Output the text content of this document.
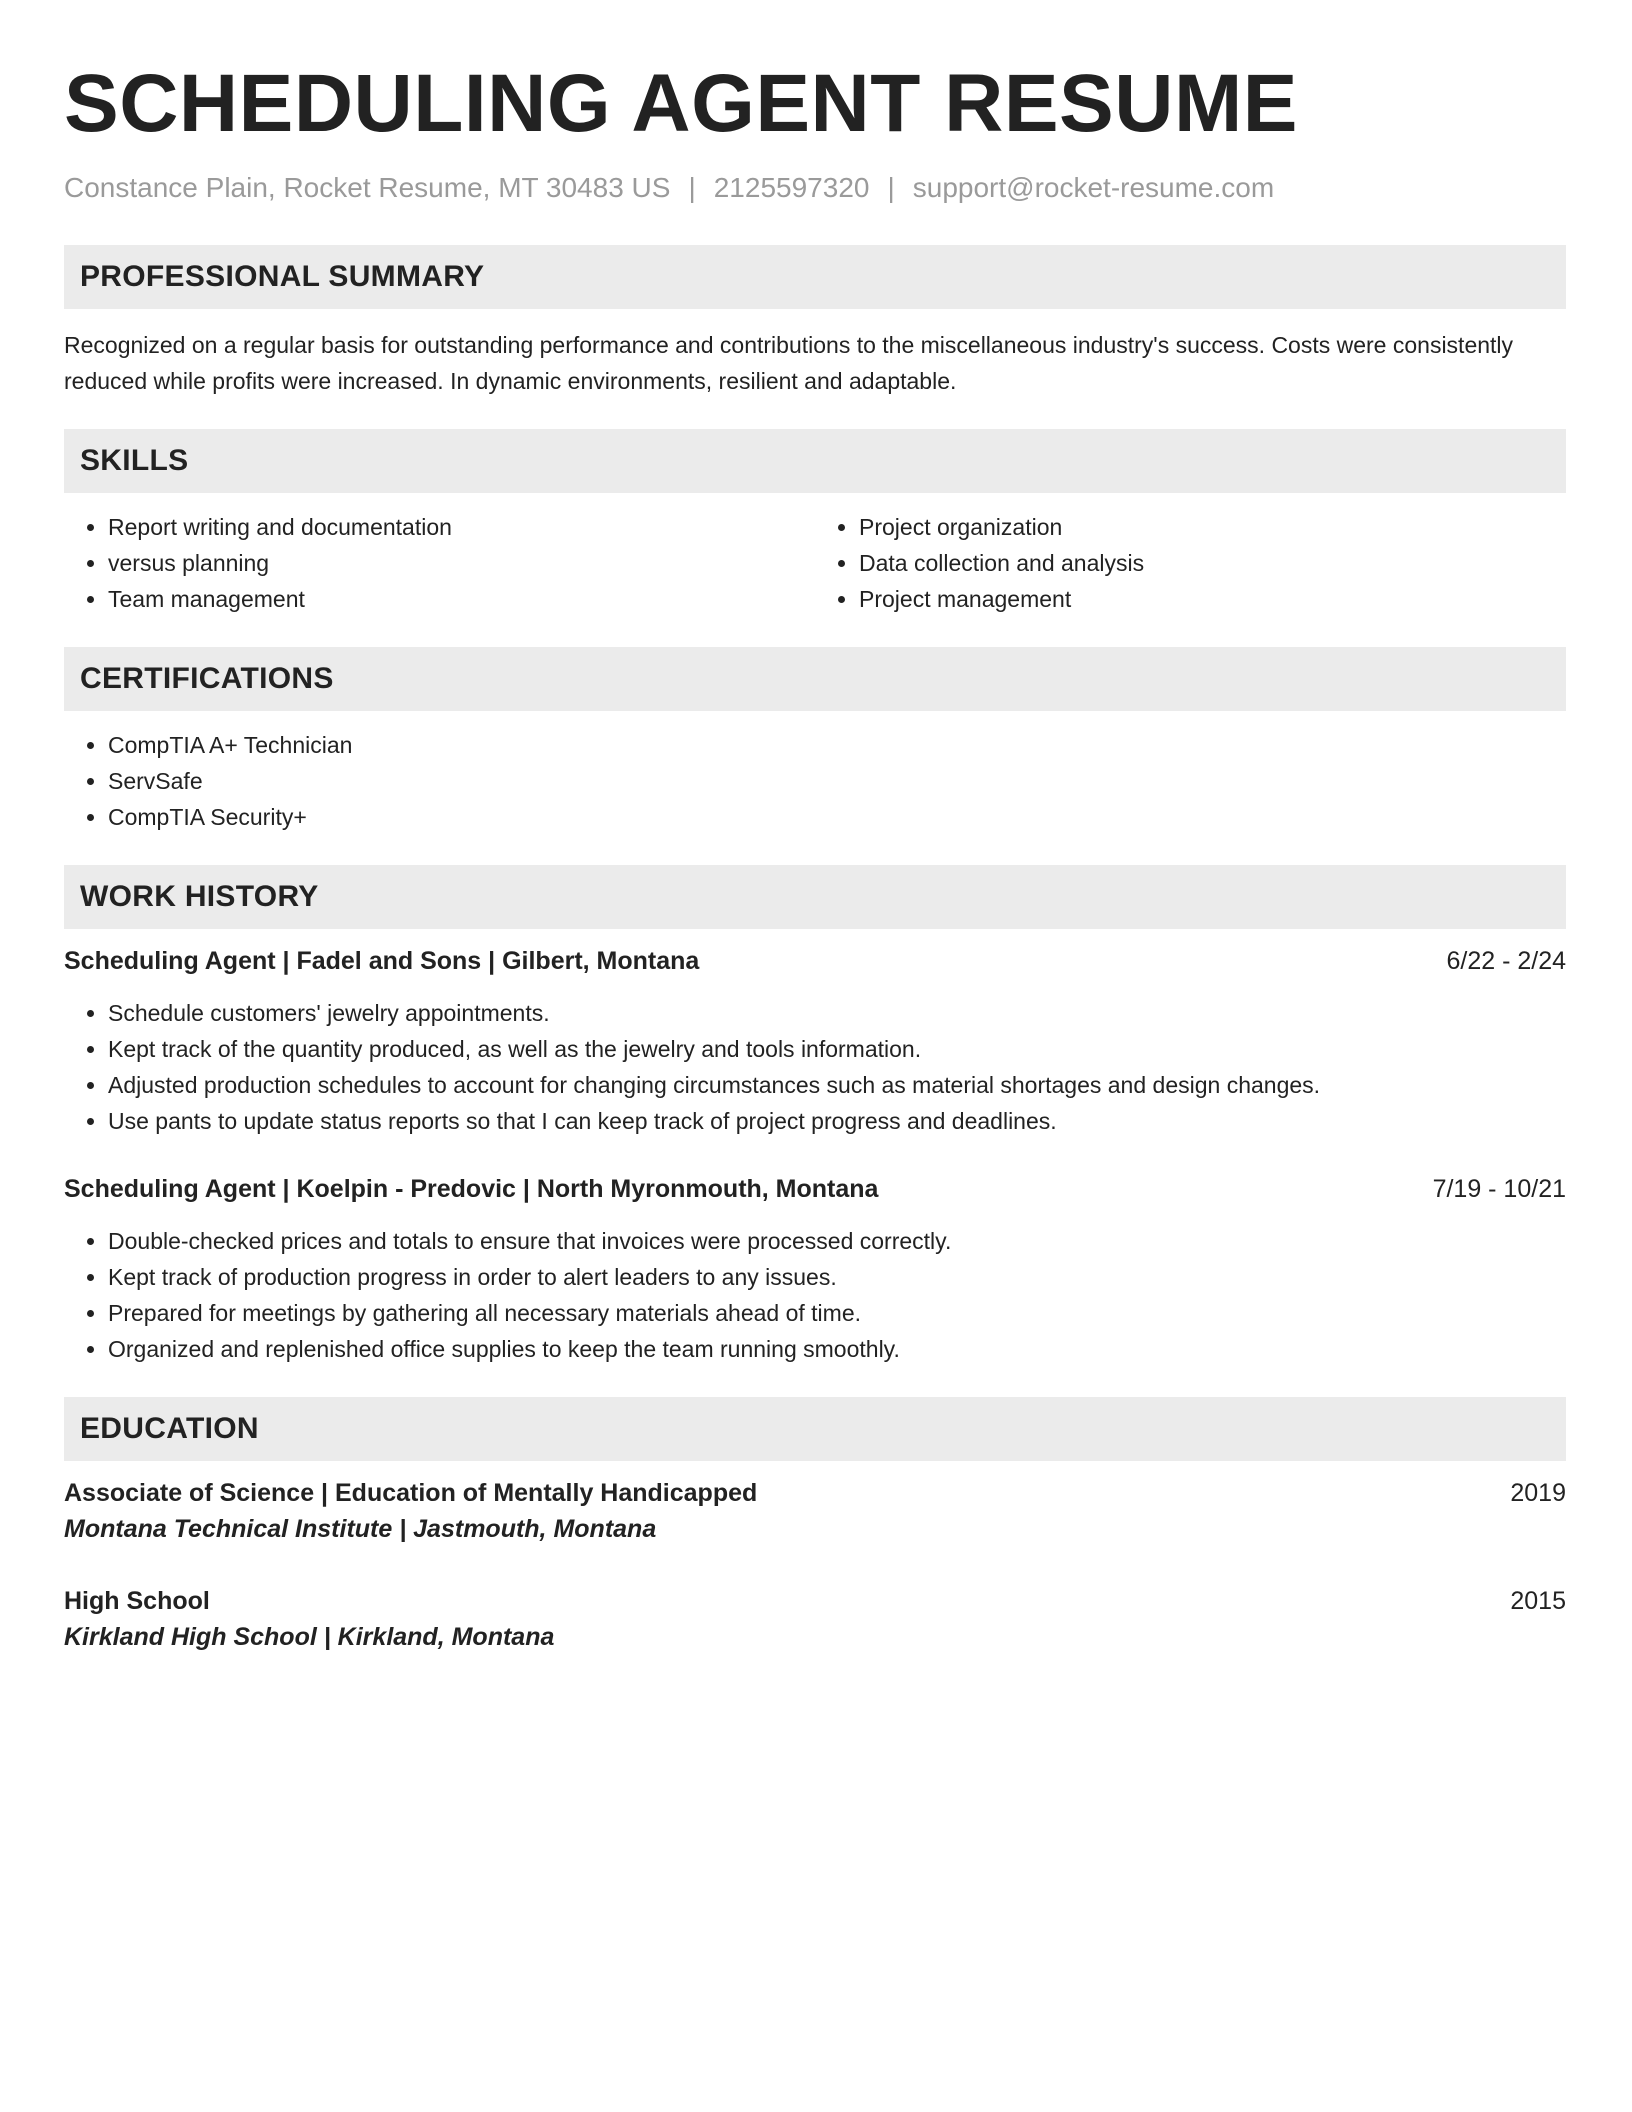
SCHEDULING AGENT RESUME
Constance Plain, Rocket Resume, MT 30483 US | 2125597320 | support@rocket-resume.com
PROFESSIONAL SUMMARY

Recognized on a regular basis for outstanding performance and contributions to the miscellaneous industry's success. Costs were consistently reduced while profits were increased. In dynamic environments, resilient and adaptable.

SKILLS
• Report writing and documentation
• versus planning
• Team management
• Project organization
• Data collection and analysis
• Project management
CERTIFICATIONS
• CompTIA A+ Technician
• ServSafe
• CompTIA Security+
WORK HISTORY
Scheduling Agent | Fadel and Sons | Gilbert, Montana	6/22 - 2/24
• Schedule customers' jewelry appointments.
• Kept track of the quantity produced, as well as the jewelry and tools information.
• Adjusted production schedules to account for changing circumstances such as material shortages and design changes.
• Use pants to update status reports so that I can keep track of project progress and deadlines.
Scheduling Agent | Koelpin - Predovic | North Myronmouth, Montana	7/19 - 10/21
• Double-checked prices and totals to ensure that invoices were processed correctly.
• Kept track of production progress in order to alert leaders to any issues.
• Prepared for meetings by gathering all necessary materials ahead of time.
• Organized and replenished office supplies to keep the team running smoothly.
EDUCATION
Associate of Science | Education of Mentally Handicapped	2019
Montana Technical Institute | Jastmouth, Montana
High School	2015
Kirkland High School | Kirkland, Montana
